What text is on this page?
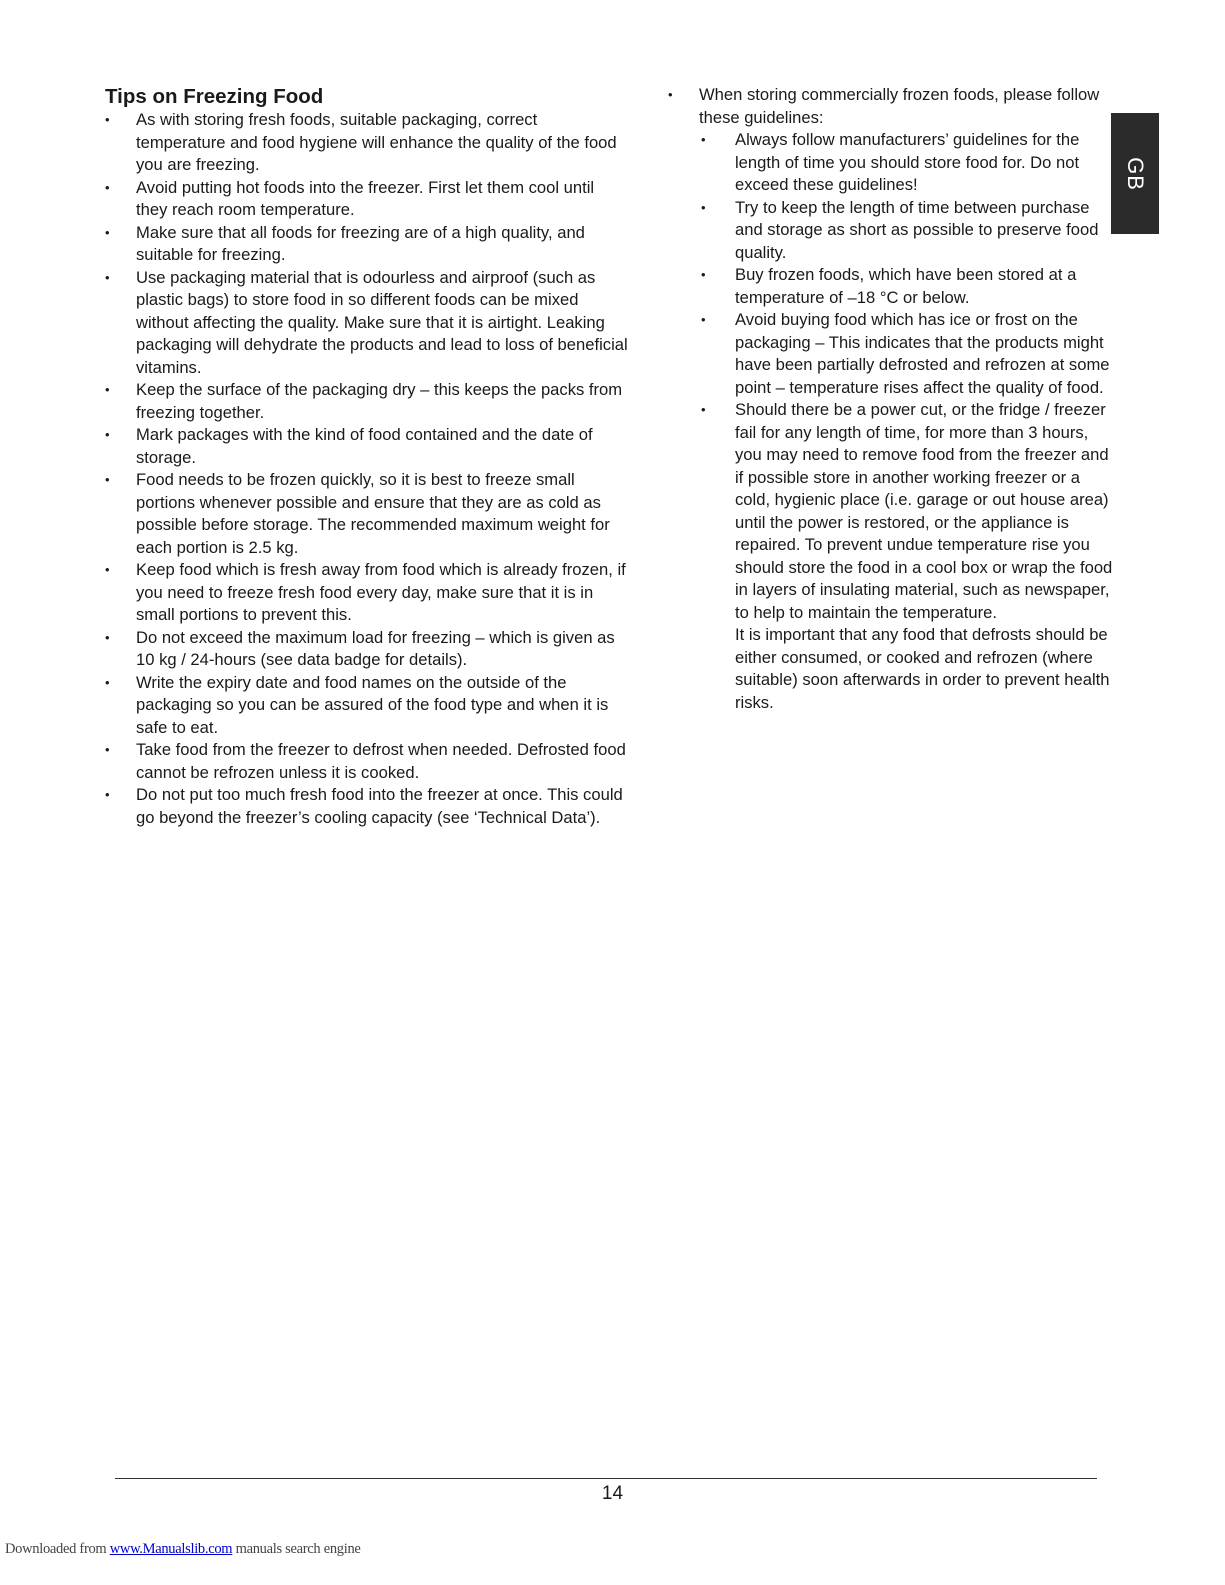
Tips on Freezing Food
• As with storing fresh foods, suitable packaging, correct temperature and food hygiene will enhance the quality of the food you are freezing.
• Avoid putting hot foods into the freezer. First let them cool until they reach room temperature.
• Make sure that all foods for freezing are of a high quality, and suitable for freezing.
• Use packaging material that is odourless and airproof (such as plastic bags) to store food in so different foods can be mixed without affecting the quality. Make sure that it is airtight. Leaking packaging will dehydrate the products and lead to loss of beneficial vitamins.
• Keep the surface of the packaging dry – this keeps the packs from freezing together.
• Mark packages with the kind of food contained and the date of storage.
• Food needs to be frozen quickly, so it is best to freeze small portions whenever possible and ensure that they are as cold as possible before storage. The recommended maximum weight for each portion is 2.5 kg.
• Keep food which is fresh away from food which is already frozen, if you need to freeze fresh food every day, make sure that it is in small portions to prevent this.
• Do not exceed the maximum load for freezing – which is given as 10 kg / 24-hours (see data badge for details).
• Write the expiry date and food names on the outside of the packaging so you can be assured of the food type and when it is safe to eat.
• Take food from the freezer to defrost when needed. Defrosted food cannot be refrozen unless it is cooked.
• Do not put too much fresh food into the freezer at once. This could go beyond the freezer’s cooling capacity (see ‘Technical Data’).
• When storing commercially frozen foods, please follow these guidelines:
• Always follow manufacturers’ guidelines for the length of time you should store food for. Do not exceed these guidelines!
• Try to keep the length of time between purchase and storage as short as possible to preserve food quality.
• Buy frozen foods, which have been stored at a temperature of –18 °C or below.
• Avoid buying food which has ice or frost on the packaging – This indicates that the products might have been partially defrosted and refrozen at some point – temperature rises affect the quality of food.
• Should there be a power cut, or the fridge / freezer fail for any length of time, for more than 3 hours, you may need to remove food from the freezer and if possible store in another working freezer or a cold, hygienic place (i.e. garage or out house area) until the power is restored, or the appliance is repaired. To prevent undue temperature rise you should store the food in a cool box or wrap the food in layers of insulating material, such as newspaper, to help to maintain the temperature.
It is important that any food that defrosts should be either consumed, or cooked and refrozen (where suitable) soon afterwards in order to prevent health risks.
GB
14
Downloaded from www.Manualslib.com manuals search engine
